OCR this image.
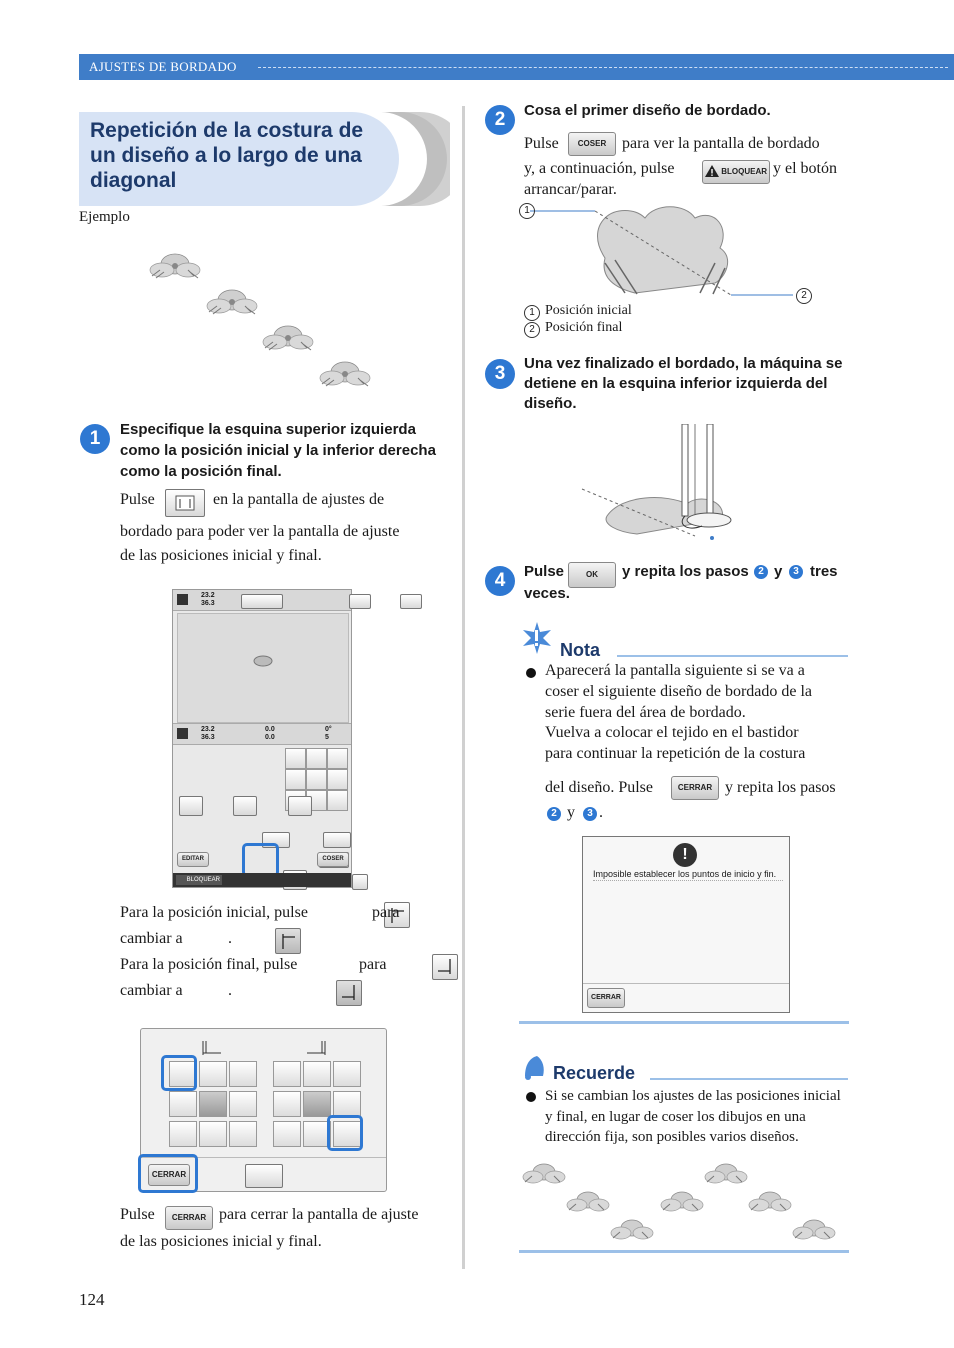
AJUSTES DE BORDADO
Repetición de la costura de un diseño a lo largo de una diagonal
Ejemplo
1	Especifique la esquina superior izquierda como la posición inicial y la inferior derecha como la posición final.
Pulse
	en la pantalla de ajustes de
bordado para poder ver la pantalla de ajuste
de las posiciones inicial y final.
23.2
36.3

23.2
36.3
0.0
0.0
0°
5

EDITAR
	COSER
BLOQUEAR
Para la posición inicial, pulse
	para
cambiar a
	.
Para la posición final, pulse
	para
cambiar a	.
CERRAR
Pulse	CERRAR para cerrar la pantalla de ajuste
de las posiciones inicial y final.
124
2	Cosa el primer diseño de bordado.
Pulse	COSER para ver la pantalla de bordado
y, a continuación, pulse	BLOQUEAR y el botón
arrancar/parar.
1
2
1 Posición inicial
2 Posición final
3	Una vez finalizado el bordado, la máquina se detiene en la esquina inferior izquierda del diseño.
4	Pulse	OK	y repita los pasos 2 y	3 tres
veces.
Nota
Aparecerá la pantalla siguiente si se va a
coser el siguiente diseño de bordado de la
serie fuera del área de bordado.
Vuelva a colocar el tejido en el bastidor
para continuar la repetición de la costura
del diseño. Pulse	CERRAR y repita los pasos
2 y	3 .
!
Imposible establecer los puntos de inicio y fin.
CERRAR
Recuerde
Si se cambian los ajustes de las posiciones inicial y final, en lugar de coser los dibujos en una dirección fija, son posibles varios diseños.
